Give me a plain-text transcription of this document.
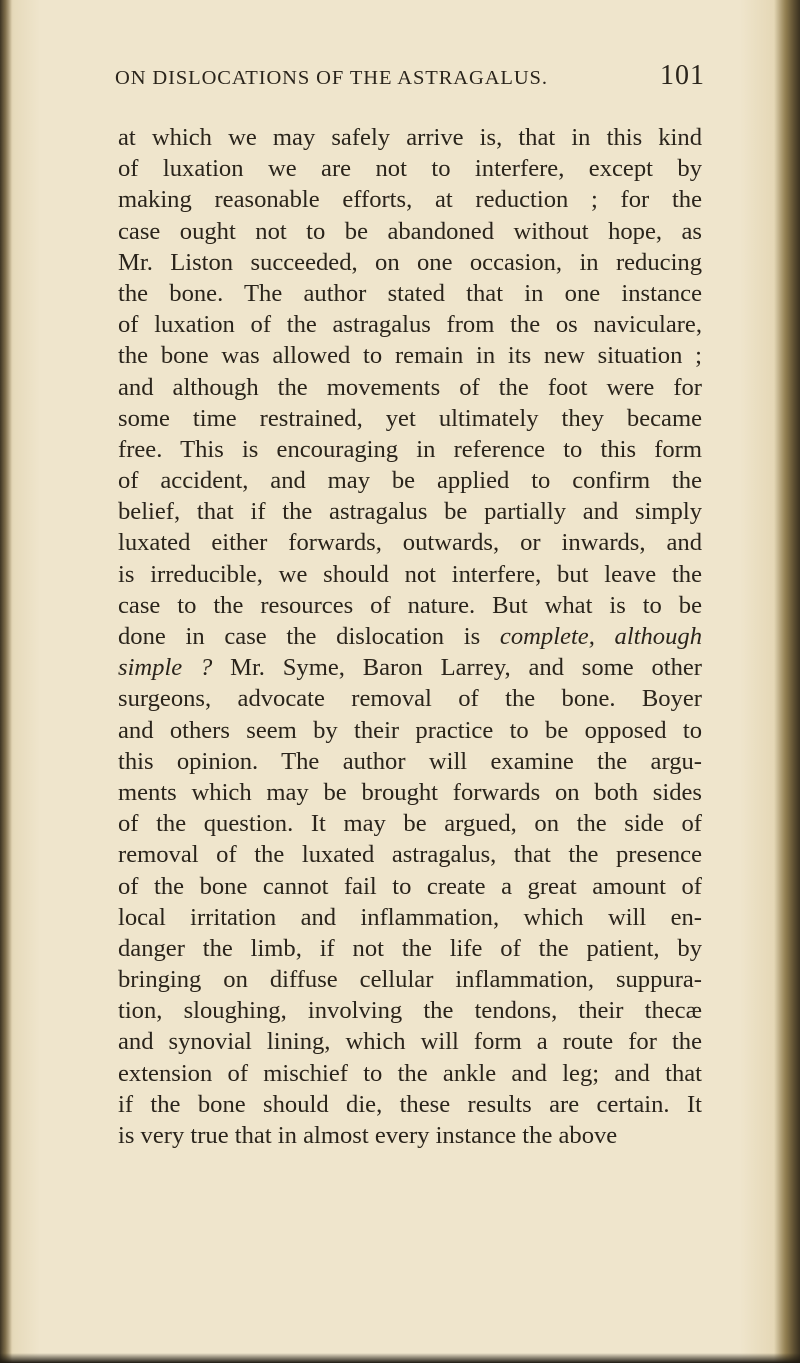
ON DISLOCATIONS OF THE ASTRAGALUS.	101
at which we may safely arrive is, that in this kind
of luxation we are not to interfere, except by
making reasonable efforts, at reduction ; for the
case ought not to be abandoned without hope, as
Mr. Liston succeeded, on one occasion, in reducing
the bone. The author stated that in one instance
of luxation of the astragalus from the os naviculare,
the bone was allowed to remain in its new situation ;
and although the movements of the foot were for
some time restrained, yet ultimately they became
free. This is encouraging in reference to this form
of accident, and may be applied to confirm the
belief, that if the astragalus be partially and simply
luxated either forwards, outwards, or inwards, and
is irreducible, we should not interfere, but leave the
case to the resources of nature. But what is to be
done in case the dislocation is complete, although
simple ? Mr. Syme, Baron Larrey, and some other
surgeons, advocate removal of the bone. Boyer
and others seem by their practice to be opposed to
this opinion. The author will examine the argu-
ments which may be brought forwards on both sides
of the question. It may be argued, on the side of
removal of the luxated astragalus, that the presence
of the bone cannot fail to create a great amount of
local irritation and inflammation, which will en-
danger the limb, if not the life of the patient, by
bringing on diffuse cellular inflammation, suppura-
tion, sloughing, involving the tendons, their thecæ
and synovial lining, which will form a route for the
extension of mischief to the ankle and leg; and that
if the bone should die, these results are certain. It
is very true that in almost every instance the above
